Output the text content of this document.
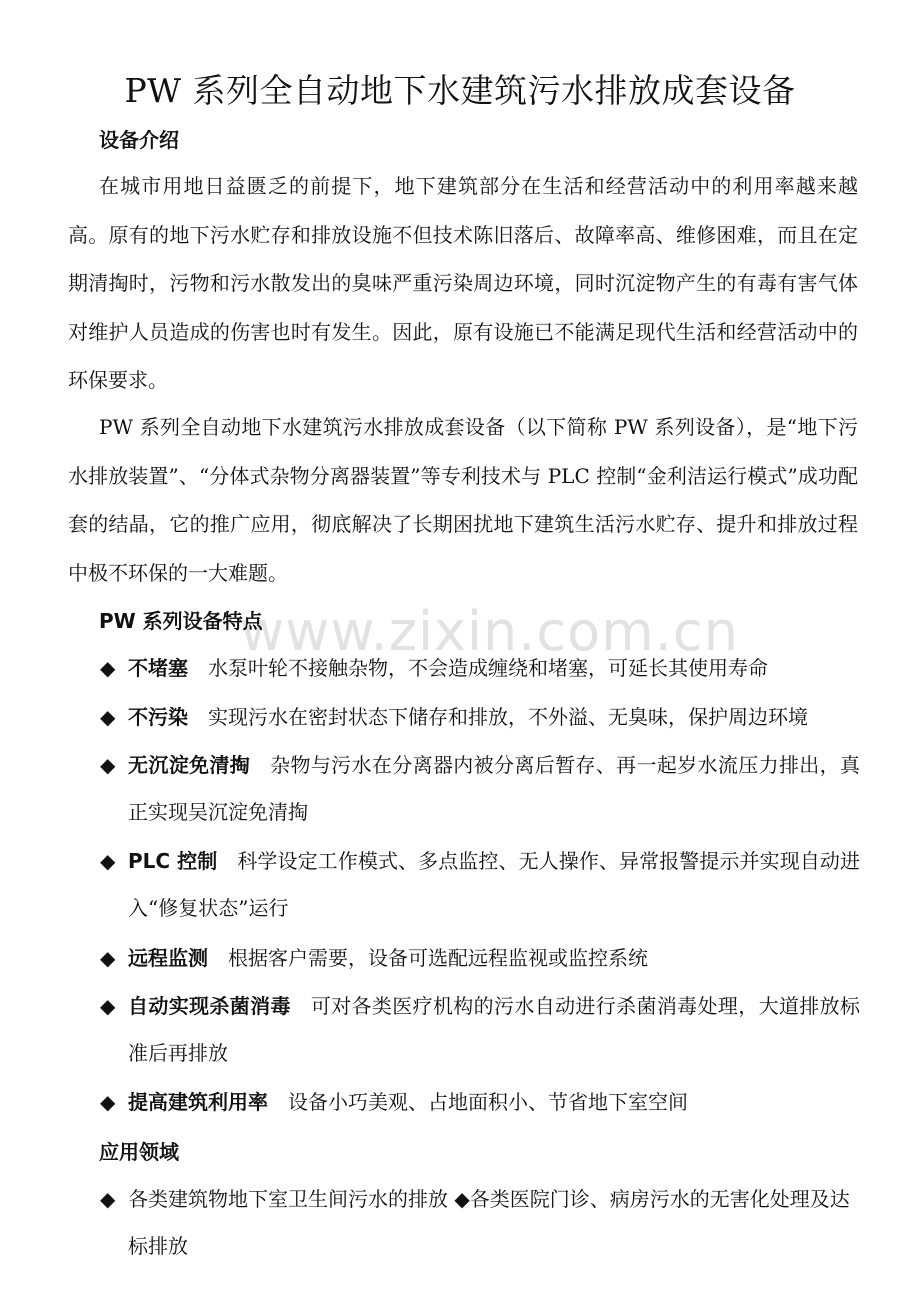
www.zixin.com.cn
PW 系列全自动地下水建筑污水排放成套设备
设备介绍
在城市用地日益匮乏的前提下，地下建筑部分在生活和经营活动中的利用率越来越高。原有的地下污水贮存和排放设施不但技术陈旧落后、故障率高、维修困难，而且在定期清掏时，污物和污水散发出的臭味严重污染周边环境，同时沉淀物产生的有毒有害气体对维护人员造成的伤害也时有发生。因此，原有设施已不能满足现代生活和经营活动中的环保要求。
PW 系列全自动地下水建筑污水排放成套设备（以下简称 PW 系列设备），是“地下污水排放装置”、“分体式杂物分离器装置”等专利技术与 PLC 控制“金利洁运行模式”成功配套的结晶，它的推广应用，彻底解决了长期困扰地下建筑生活污水贮存、提升和排放过程中极不环保的一大难题。
PW 系列设备特点
◆ 不堵塞 水泵叶轮不接触杂物，不会造成缠绕和堵塞，可延长其使用寿命
◆ 不污染 实现污水在密封状态下储存和排放，不外溢、无臭味，保护周边环境
◆ 无沉淀免清掏 杂物与污水在分离器内被分离后暂存、再一起岁水流压力排出，真正实现吴沉淀免清掏
◆ PLC 控制 科学设定工作模式、多点监控、无人操作、异常报警提示并实现自动进入“修复状态”运行
◆ 远程监测 根据客户需要，设备可选配远程监视或监控系统
◆ 自动实现杀菌消毒 可对各类医疗机构的污水自动进行杀菌消毒处理，大道排放标准后再排放
◆ 提高建筑利用率 设备小巧美观、占地面积小、节省地下室空间
应用领域
◆ 各类建筑物地下室卫生间污水的排放 ◆各类医院门诊、病房污水的无害化处理及达标排放
